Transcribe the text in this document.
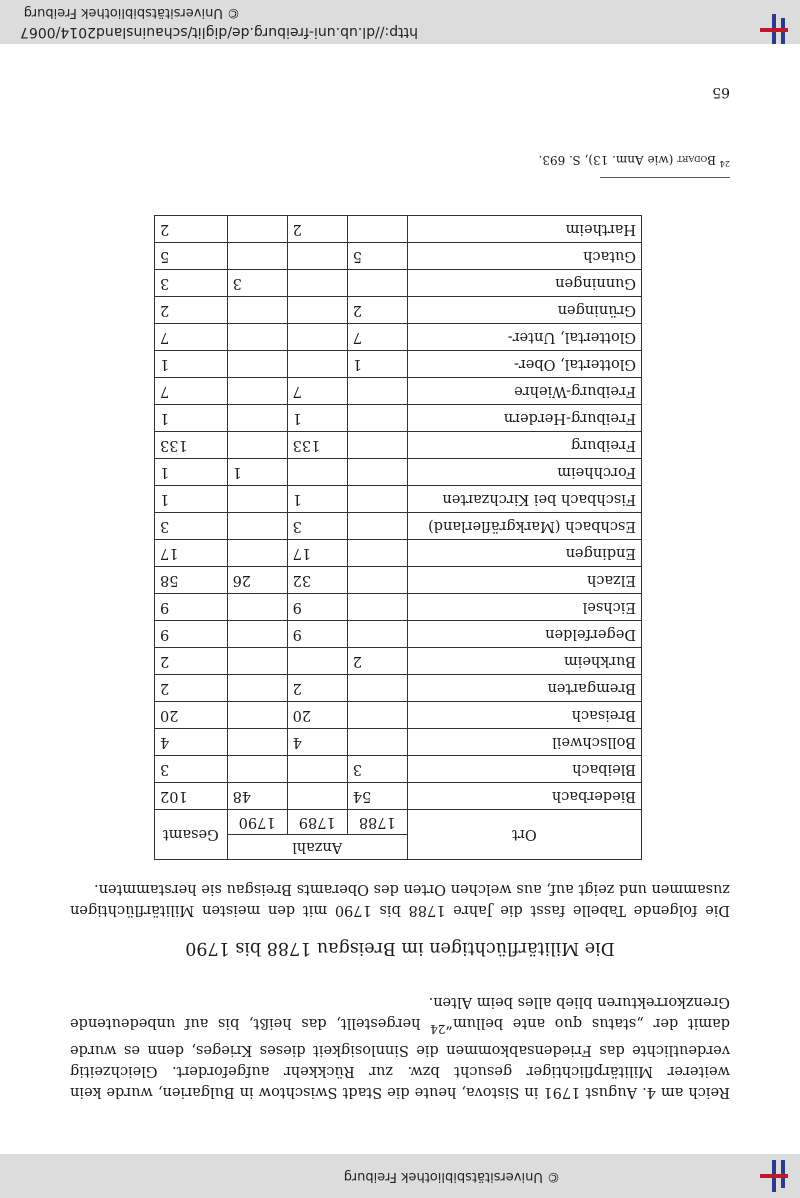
© Universitätsbibliothek Freiburg
Reich am 4. August 1791 in Sistova, heute die Stadt Swischtow in Bulgarien, wurde kein weiterer Militärpflichtiger gesucht bzw. zur Rückkehr aufgefordert. Gleichzeitig verdeutlichte das Friedensabkommen die Sinnlosigkeit dieses Krieges, denn es wurde damit der „status quo ante bellum“$^{24}$ hergestellt, das heißt, bis auf unbedeutende Grenzkorrekturen blieb alles beim Alten.
Die Militärflüchtigen im Breisgau 1788 bis 1790
Die folgende Tabelle fasst die Jahre 1788 bis 1790 mit den meisten Militärflüchtigen zusammen und zeigt auf, aus welchen Orten des Oberamts Breisgau sie herstammten.
Ort	Anzahl			Gesamt
	1788	1789	1790	
Biederbach	54		48	102
Bleibach	3			3
Bollschweil		4		4
Breisach		20		20
Bremgarten		2		2
Burkheim	2			2
Degerfelden		9		9
Eichsel		9		9
Elzach		32	26	58
Endingen		17		17
Eschbach (Markgräflerland)		3		3
Fischbach bei Kirchzarten		1		1
Forchheim			1	1
Freiburg		133		133
Freiburg-Herdern		1		1
Freiburg-Wiehre		7		7
Glottertal, Ober-	1			1
Glottertal, Unter-	7			7
Grüningen	2			2
Gunningen			3	3
Gutach	5			5
Hartheim		2		2
$^{24}$ Bodart (wie Anm. 13), S. 693.
65
http://dl.ub.uni-freiburg.de/diglit/schauinsland2014/0067
© Universitätsbibliothek Freiburg
